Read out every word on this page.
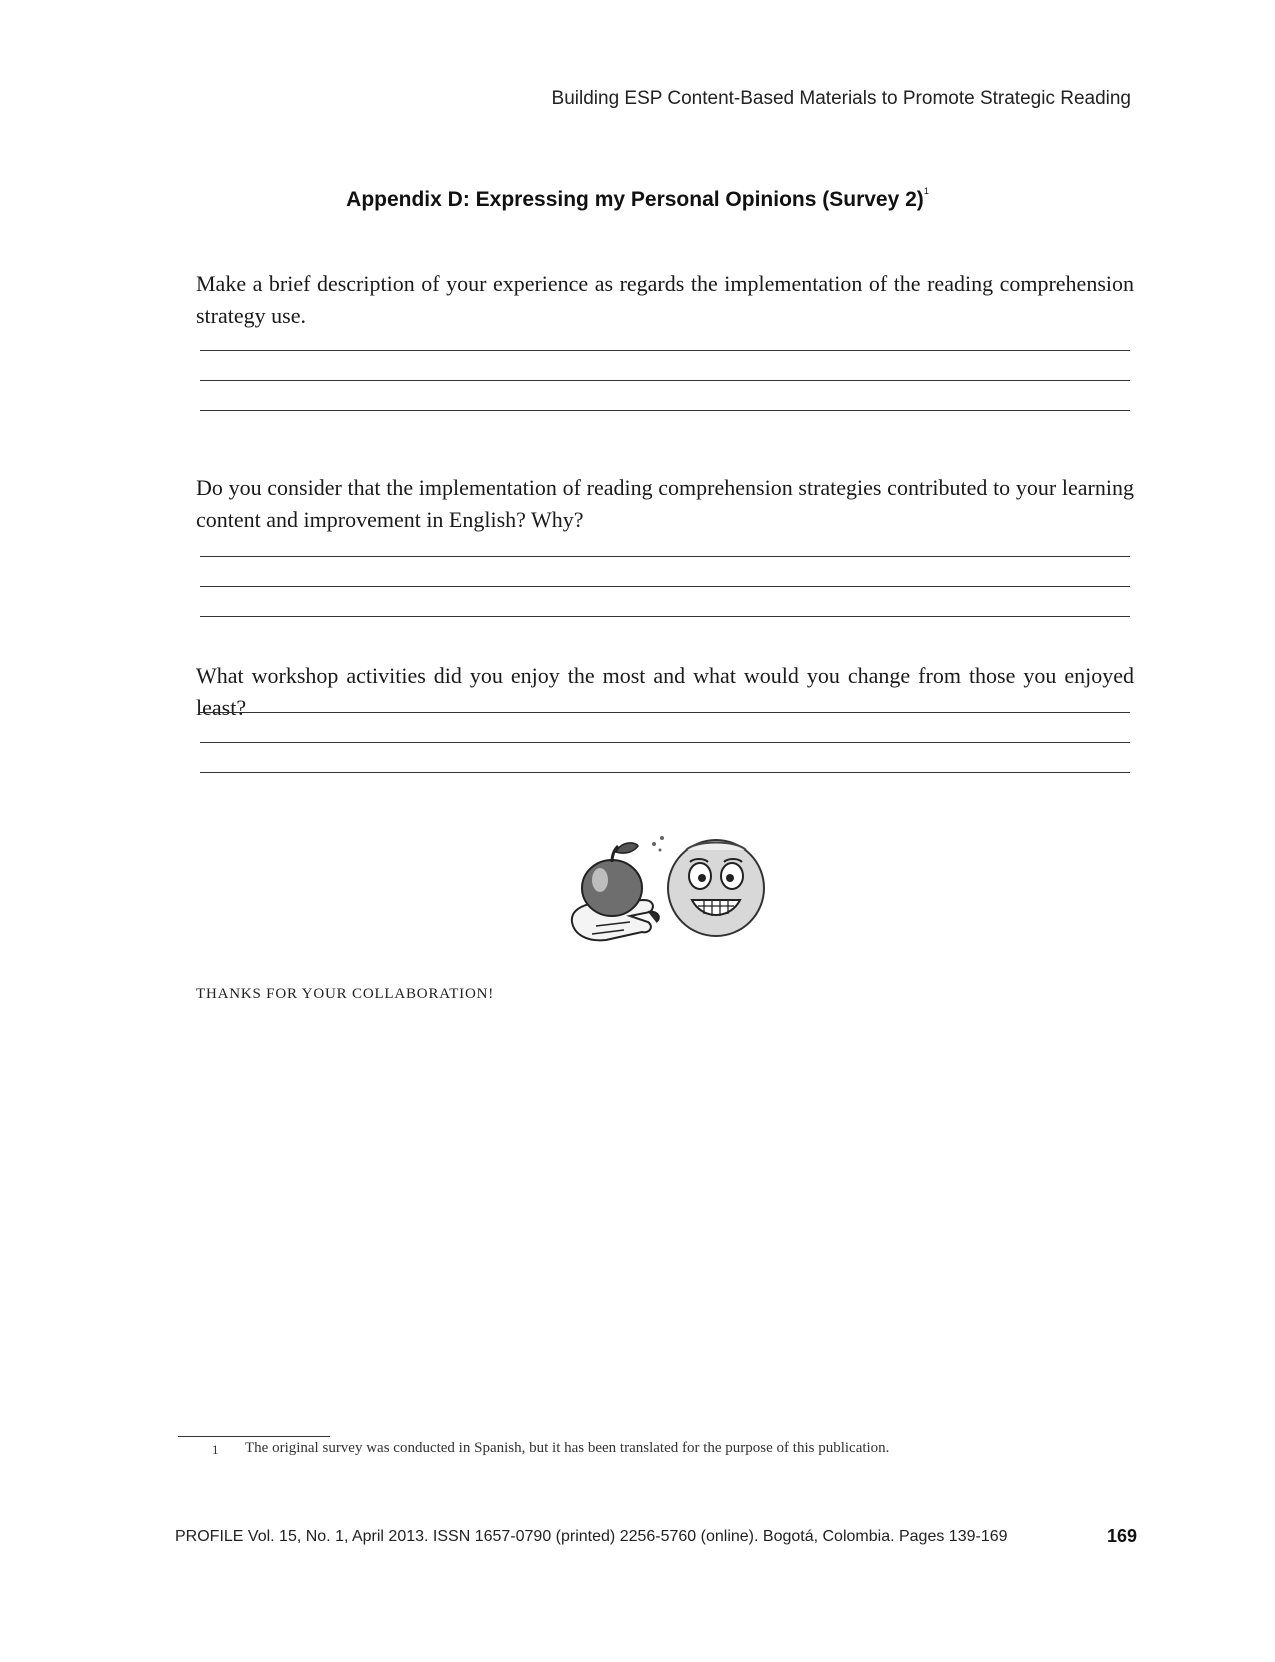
Building ESP Content-Based Materials to Promote Strategic Reading
Appendix D: Expressing my Personal Opinions (Survey 2)$^1$
Make a brief description of your experience as regards the implementation of the reading comprehension strategy use.
Do you consider that the implementation of reading comprehension strategies contributed to your learning content and improvement in English? Why?
What workshop activities did you enjoy the most and what would you change from those you enjoyed least?
THANKS FOR YOUR COLLABORATION!
1 The original survey was conducted in Spanish, but it has been translated for the purpose of this publication.
PROFILE Vol. 15, No. 1, April 2013. ISSN 1657-0790 (printed) 2256-5760 (online). Bogotá, Colombia. Pages 139-169	169
